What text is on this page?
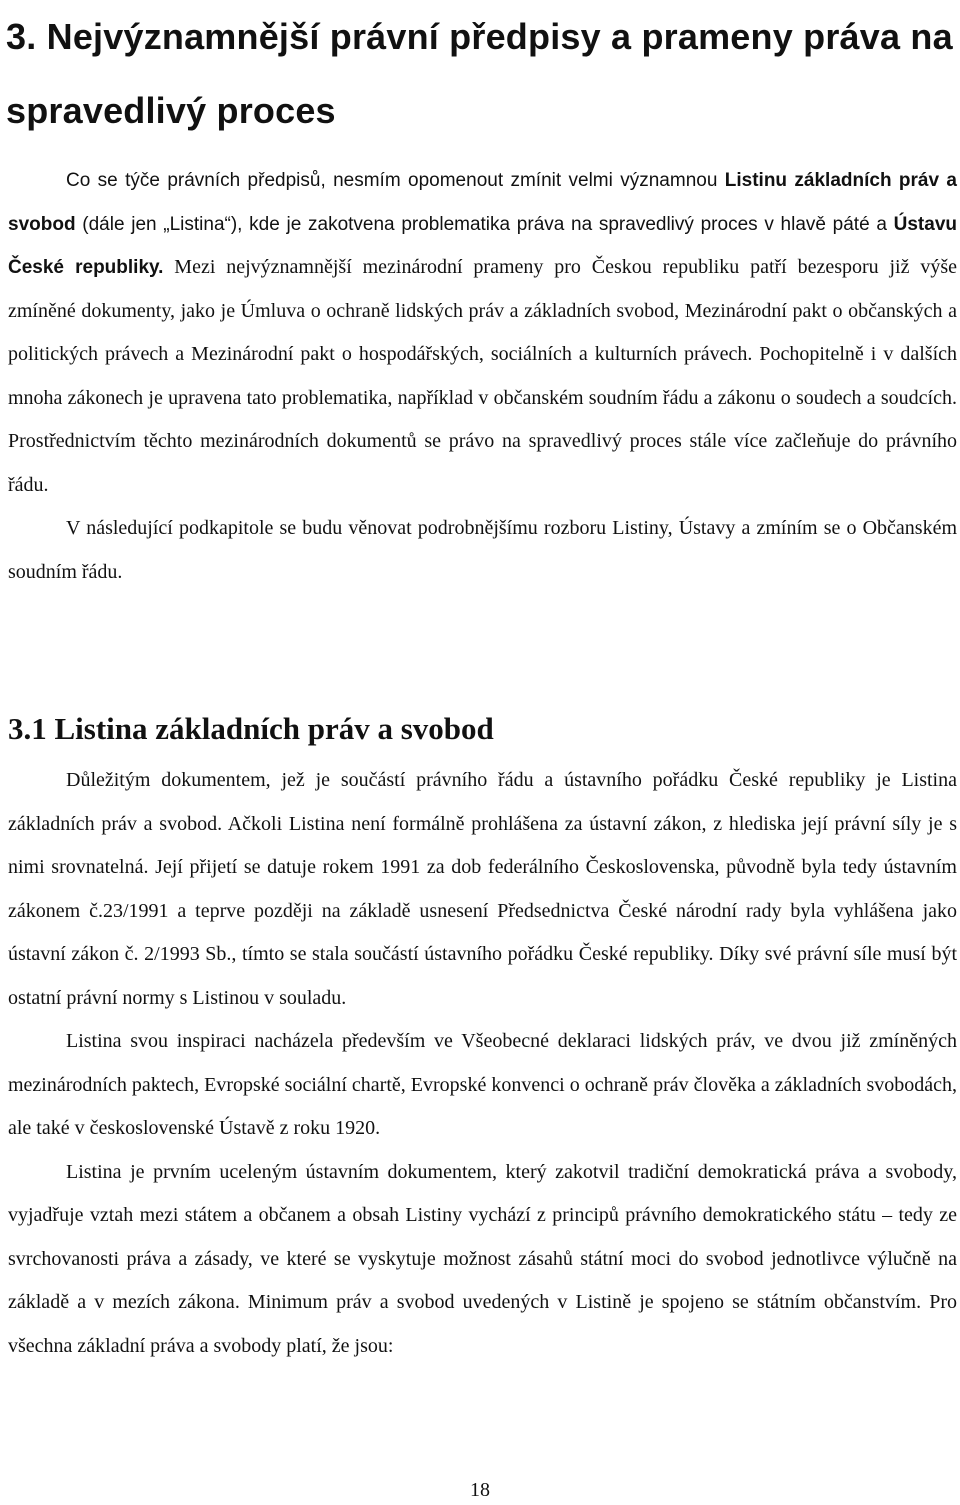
3. Nejvýznamnější právní předpisy a prameny práva na spravedlivý proces

Co se týče právních předpisů, nesmím opomenout zmínit velmi významnou Listinu základních práv a svobod (dále jen „Listina“), kde je zakotvena problematika práva na spravedlivý proces v hlavě páté a Ústavu České republiky. Mezi nejvýznamnější mezinárodní prameny pro Českou republiku patří bezesporu již výše zmíněné dokumenty, jako je Úmluva o ochraně lidských práv a základních svobod, Mezinárodní pakt o občanských a politických právech a Mezinárodní pakt o hospodářských, sociálních a kulturních právech. Pochopitelně i v dalších mnoha zákonech je upravena tato problematika, například v občanském soudním řádu a zákonu o soudech a soudcích. Prostřednictvím těchto mezinárodních dokumentů se právo na spravedlivý proces stále více začleňuje do právního řádu.

V následující podkapitole se budu věnovat podrobnějšímu rozboru Listiny, Ústavy a zmíním se o Občanském soudním řádu.

3.1 Listina základních práv a svobod

Důležitým dokumentem, jež je součástí právního řádu a ústavního pořádku České republiky je Listina základních práv a svobod. Ačkoli Listina není formálně prohlášena za ústavní zákon, z hlediska její právní síly je s nimi srovnatelná. Její přijetí se datuje rokem 1991 za dob federálního Československa, původně byla tedy ústavním zákonem č.23/1991 a teprve později na základě usnesení Předsednictva České národní rady byla vyhlášena jako ústavní zákon č. 2/1993 Sb., tímto se stala součástí ústavního pořádku České republiky. Díky své právní síle musí být ostatní právní normy s Listinou v souladu.

Listina svou inspiraci nacházela především ve Všeobecné deklaraci lidských práv, ve dvou již zmíněných mezinárodních paktech, Evropské sociální chartě, Evropské konvenci o ochraně práv člověka a základních svobodách, ale také v československé Ústavě z roku 1920.

Listina je prvním uceleným ústavním dokumentem, který zakotvil tradiční demokratická práva a svobody, vyjadřuje vztah mezi státem a občanem a obsah Listiny vychází z principů právního demokratického státu – tedy ze svrchovanosti práva a zásady, ve které se vyskytuje možnost zásahů státní moci do svobod jednotlivce výlučně na základě a v mezích zákona. Minimum práv a svobod uvedených v Listině je spojeno se státním občanstvím. Pro všechna základní práva a svobody platí, že jsou:

18
